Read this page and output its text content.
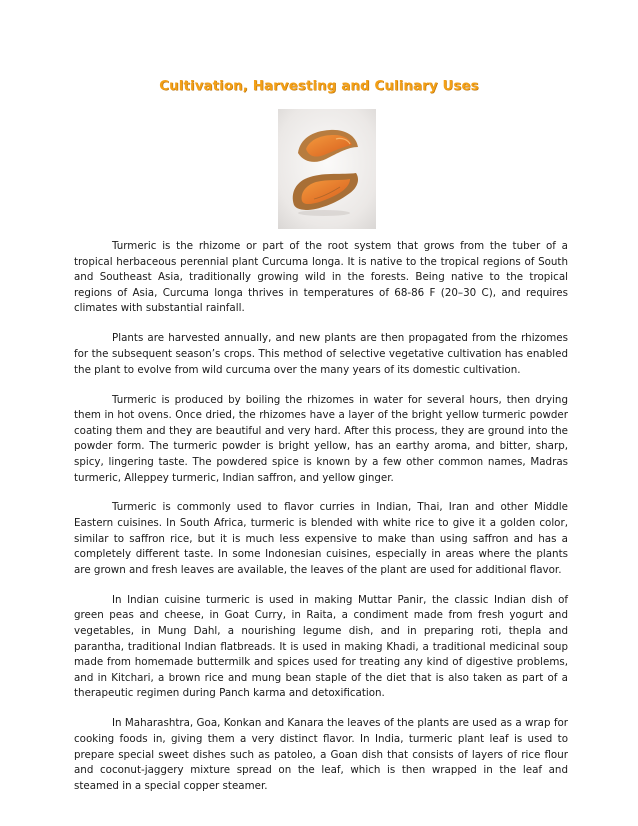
Cultivation, Harvesting and Culinary Uses

Turmeric is the rhizome or part of the root system that grows from the tuber of a tropical herbaceous perennial plant Curcuma longa. It is native to the tropical regions of South and Southeast Asia, traditionally growing wild in the forests. Being native to the tropical regions of Asia, Curcuma longa thrives in temperatures of 68-86 F (20–30 C), and requires climates with substantial rainfall.

Plants are harvested annually, and new plants are then propagated from the rhizomes for the subsequent season’s crops. This method of selective vegetative cultivation has enabled the plant to evolve from wild curcuma over the many years of its domestic cultivation.

Turmeric is produced by boiling the rhizomes in water for several hours, then drying them in hot ovens. Once dried, the rhizomes have a layer of the bright yellow turmeric powder coating them and they are beautiful and very hard. After this process, they are ground into the powder form. The turmeric powder is bright yellow, has an earthy aroma, and bitter, sharp, spicy, lingering taste. The powdered spice is known by a few other common names, Madras turmeric, Alleppey turmeric, Indian saffron, and yellow ginger.

Turmeric is commonly used to flavor curries in Indian, Thai, Iran and other Middle Eastern cuisines. In South Africa, turmeric is blended with white rice to give it a golden color, similar to saffron rice, but it is much less expensive to make than using saffron and has a completely different taste. In some Indonesian cuisines, especially in areas where the plants are grown and fresh leaves are available, the leaves of the plant are used for additional flavor.

In Indian cuisine turmeric is used in making Muttar Panir, the classic Indian dish of green peas and cheese, in Goat Curry, in Raita, a condiment made from fresh yogurt and vegetables, in Mung Dahl, a nourishing legume dish, and in preparing roti, thepla and parantha, traditional Indian flatbreads. It is used in making Khadi, a traditional medicinal soup made from homemade buttermilk and spices used for treating any kind of digestive problems, and in Kitchari, a brown rice and mung bean staple of the diet that is also taken as part of a therapeutic regimen during Panch karma and detoxification.

In Maharashtra, Goa, Konkan and Kanara the leaves of the plants are used as a wrap for cooking foods in, giving them a very distinct flavor. In India, turmeric plant leaf is used to prepare special sweet dishes such as patoleo, a Goan dish that consists of layers of rice flour and coconut-jaggery mixture spread on the leaf, which is then wrapped in the leaf and steamed in a special copper steamer.
